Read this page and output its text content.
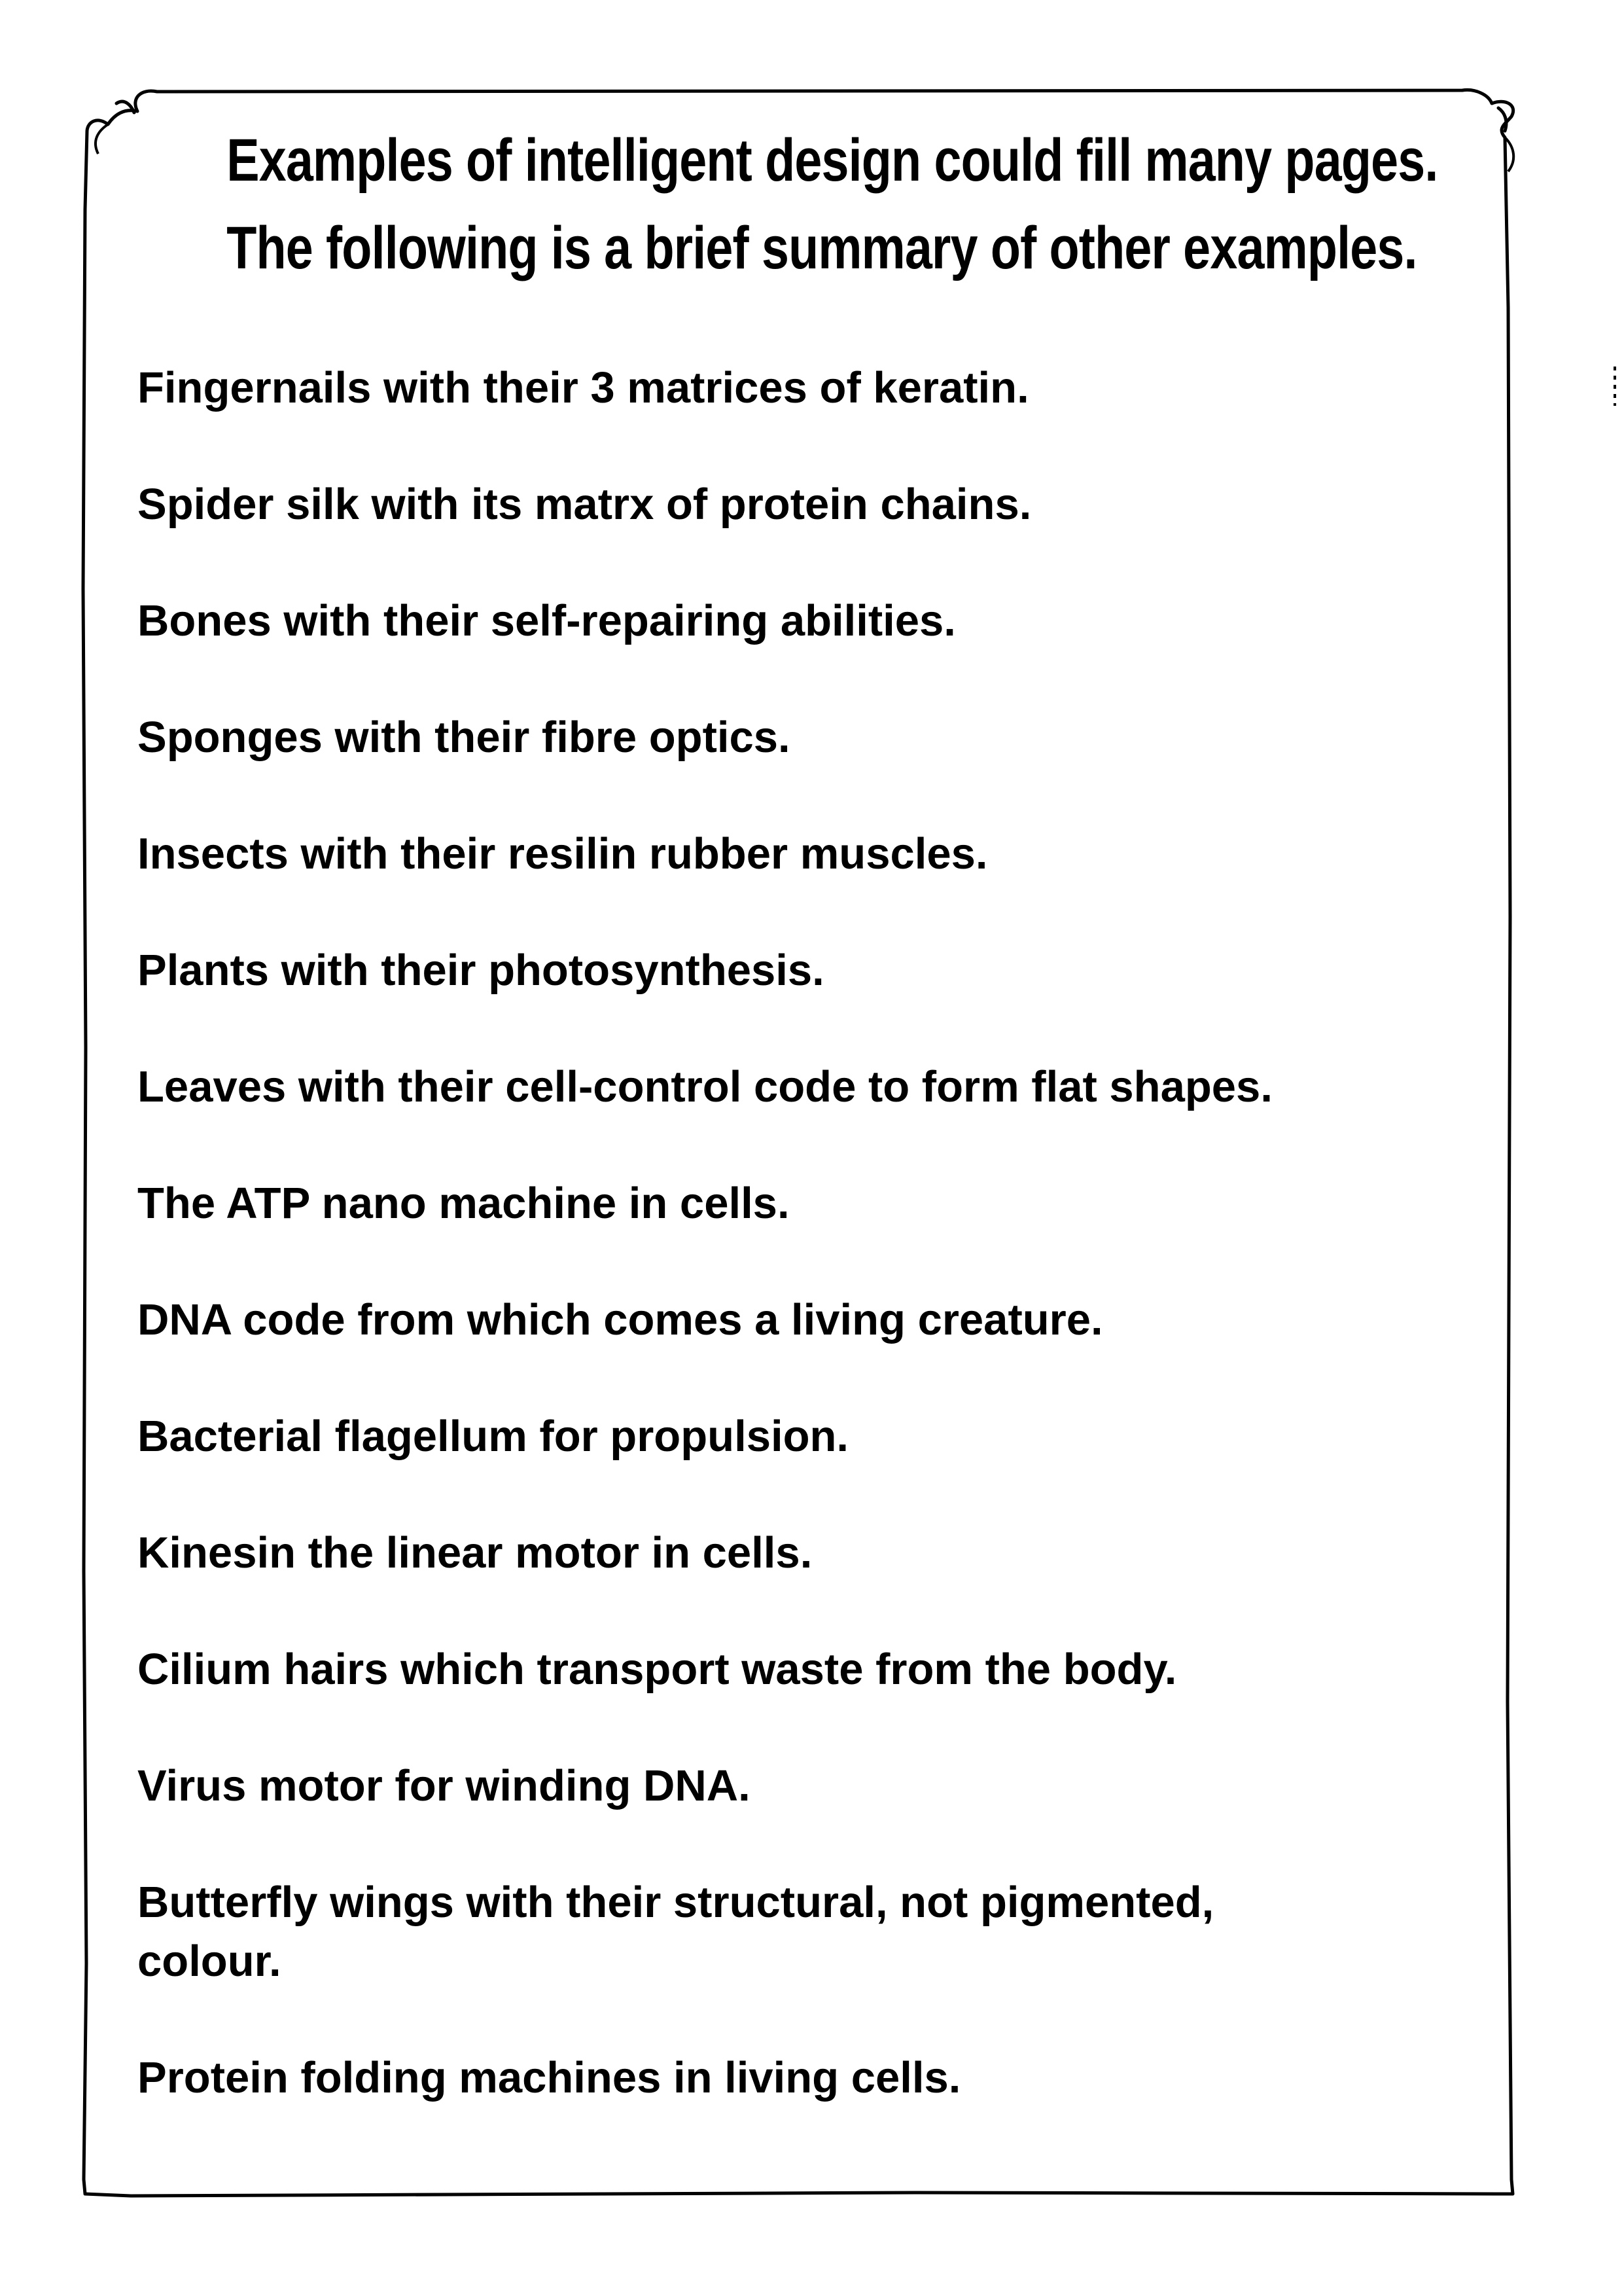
Examples of intelligent design could fill many pages.
The following is a brief summary of other examples.
Fingernails with their 3 matrices of keratin.
Spider silk with its matrx of protein chains.
Bones with their self-repairing abilities.
Sponges with their fibre optics.
Insects with their resilin rubber muscles.
Plants with their photosynthesis.
Leaves with their cell-control code to form flat shapes.
The ATP nano machine in cells.
DNA code from which comes a living creature.
Bacterial flagellum for propulsion.
Kinesin the linear motor in cells.
Cilium hairs which transport waste from the body.
Virus motor for winding DNA.
Butterfly wings with their structural, not pigmented,
colour.
Protein folding machines in living cells.
